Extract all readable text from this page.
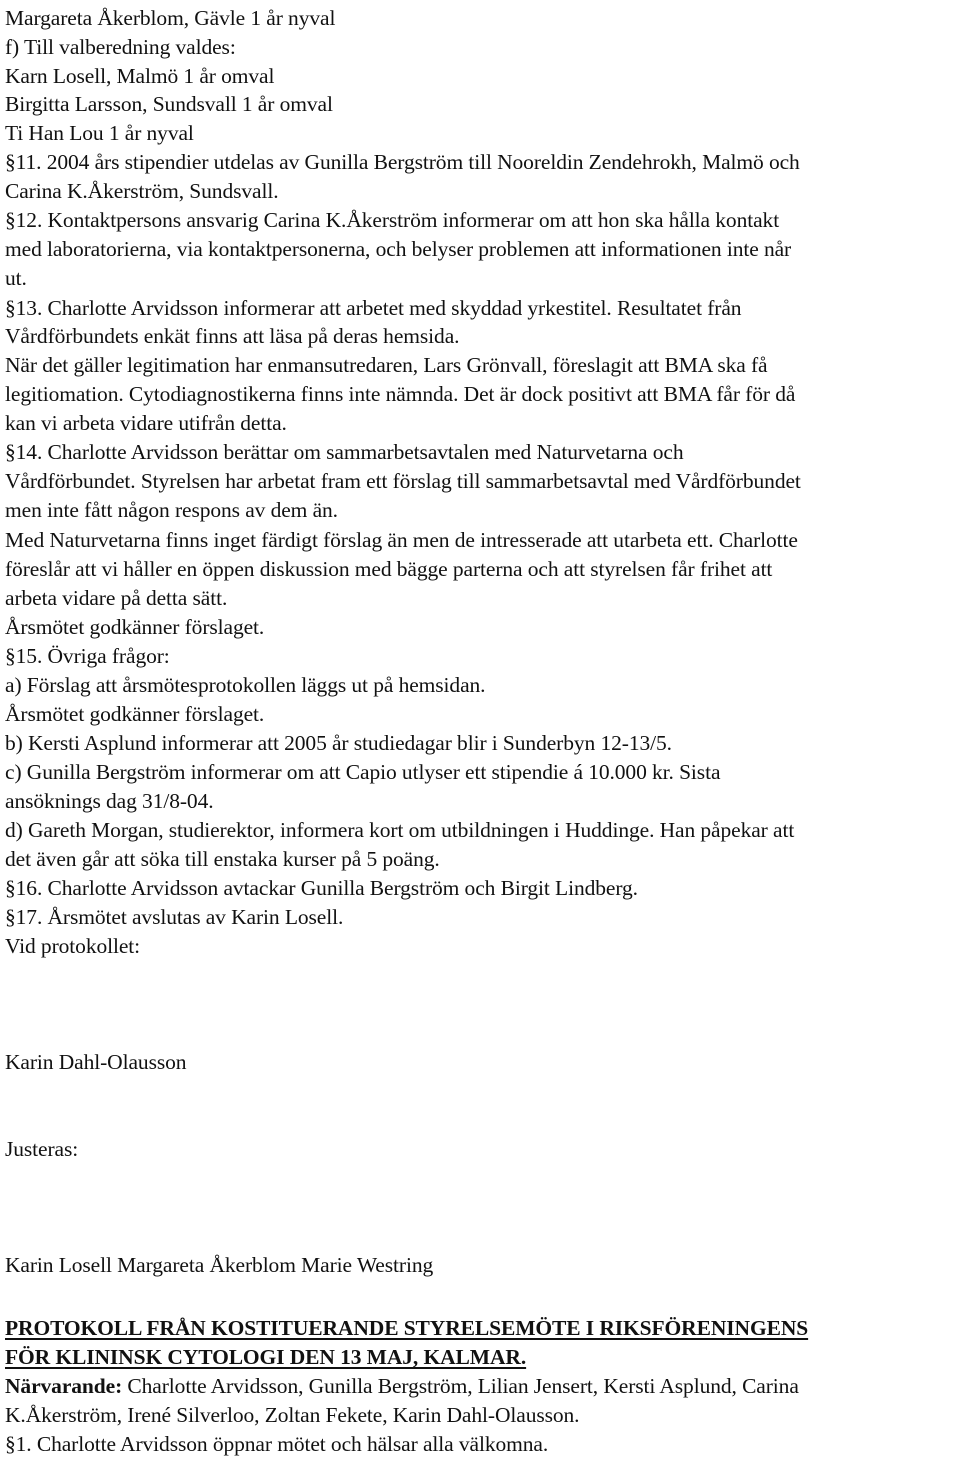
Margareta Åkerblom, Gävle 1 år nyval
f) Till valberedning valdes:
Karn Losell, Malmö 1 år omval
Birgitta Larsson, Sundsvall 1 år omval
Ti Han Lou 1 år nyval
§11. 2004 års stipendier utdelas av Gunilla Bergström till Nooreldin Zendehrokh, Malmö och
Carina K.Åkerström, Sundsvall.
§12. Kontaktpersons ansvarig Carina K.Åkerström informerar om att hon ska hålla kontakt
med laboratorierna, via kontaktpersonerna, och belyser problemen att informationen inte når
ut.
§13. Charlotte Arvidsson informerar att arbetet med skyddad yrkestitel. Resultatet från
Vårdförbundets enkät finns att läsa på deras hemsida.
När det gäller legitimation har enmansutredaren, Lars Grönvall, föreslagit att BMA ska få
legitiomation. Cytodiagnostikerna finns inte nämnda. Det är dock positivt att BMA får för då
kan vi arbeta vidare utifrån detta.
§14. Charlotte Arvidsson berättar om sammarbetsavtalen med Naturvetarna och
Vårdförbundet. Styrelsen har arbetat fram ett förslag till sammarbetsavtal med Vårdförbundet
men inte fått någon respons av dem än.
Med Naturvetarna finns inget färdigt förslag än men de intresserade att utarbeta ett. Charlotte
föreslår att vi håller en öppen diskussion med bägge parterna och att styrelsen får frihet att
arbeta vidare på detta sätt.
Årsmötet godkänner förslaget.
§15. Övriga frågor:
a) Förslag att årsmötesprotokollen läggs ut på hemsidan.
Årsmötet godkänner förslaget.
b) Kersti Asplund informerar att 2005 år studiedagar blir i Sunderbyn 12-13/5.
c) Gunilla Bergström informerar om att Capio utlyser ett stipendie á 10.000 kr. Sista
ansöknings dag 31/8-04.
d) Gareth Morgan, studierektor, informera kort om utbildningen i Huddinge. Han påpekar att
det även går att söka till enstaka kurser på 5 poäng.
§16. Charlotte Arvidsson avtackar Gunilla Bergström och Birgit Lindberg.
§17. Årsmötet avslutas av Karin Losell.
Vid protokollet:
Karin Dahl-Olausson
Justeras:
Karin Losell Margareta Åkerblom Marie Westring
PROTOKOLL FRÅN KOSTITUERANDE STYRELSEMÖTE I RIKSFÖRENINGENS
FÖR KLININSK CYTOLOGI DEN 13 MAJ, KALMAR.
Närvarande: Charlotte Arvidsson, Gunilla Bergström, Lilian Jensert, Kersti Asplund, Carina
K.Åkerström, Irené Silverloo, Zoltan Fekete, Karin Dahl-Olausson.
§1. Charlotte Arvidsson öppnar mötet och hälsar alla välkomna.
